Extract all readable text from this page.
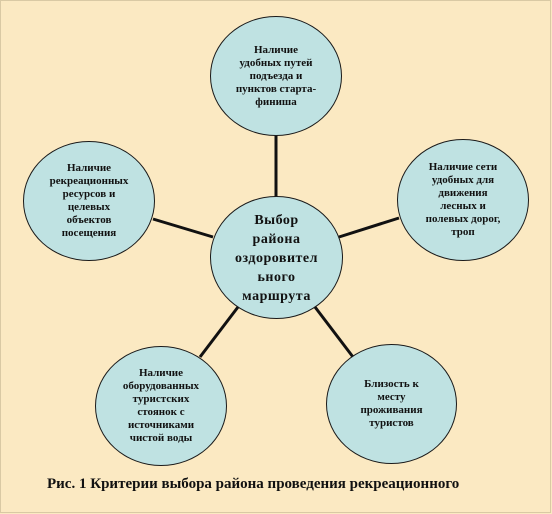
Наличие
удобных путей
подъезда и
пунктов старта-
финиша
Наличие сети
удобных для
движения
лесных и
полевых дорог,
троп
Близость к
месту
проживания
туристов
Наличие
оборудованных
туристских
стоянок с
источниками
чистой воды
Наличие
рекреационных
ресурсов и
целевых
объектов
посещения
Выбор
района
оздоровител
ьного
маршрута
Рис. 1 Критерии выбора района проведения рекреационного
